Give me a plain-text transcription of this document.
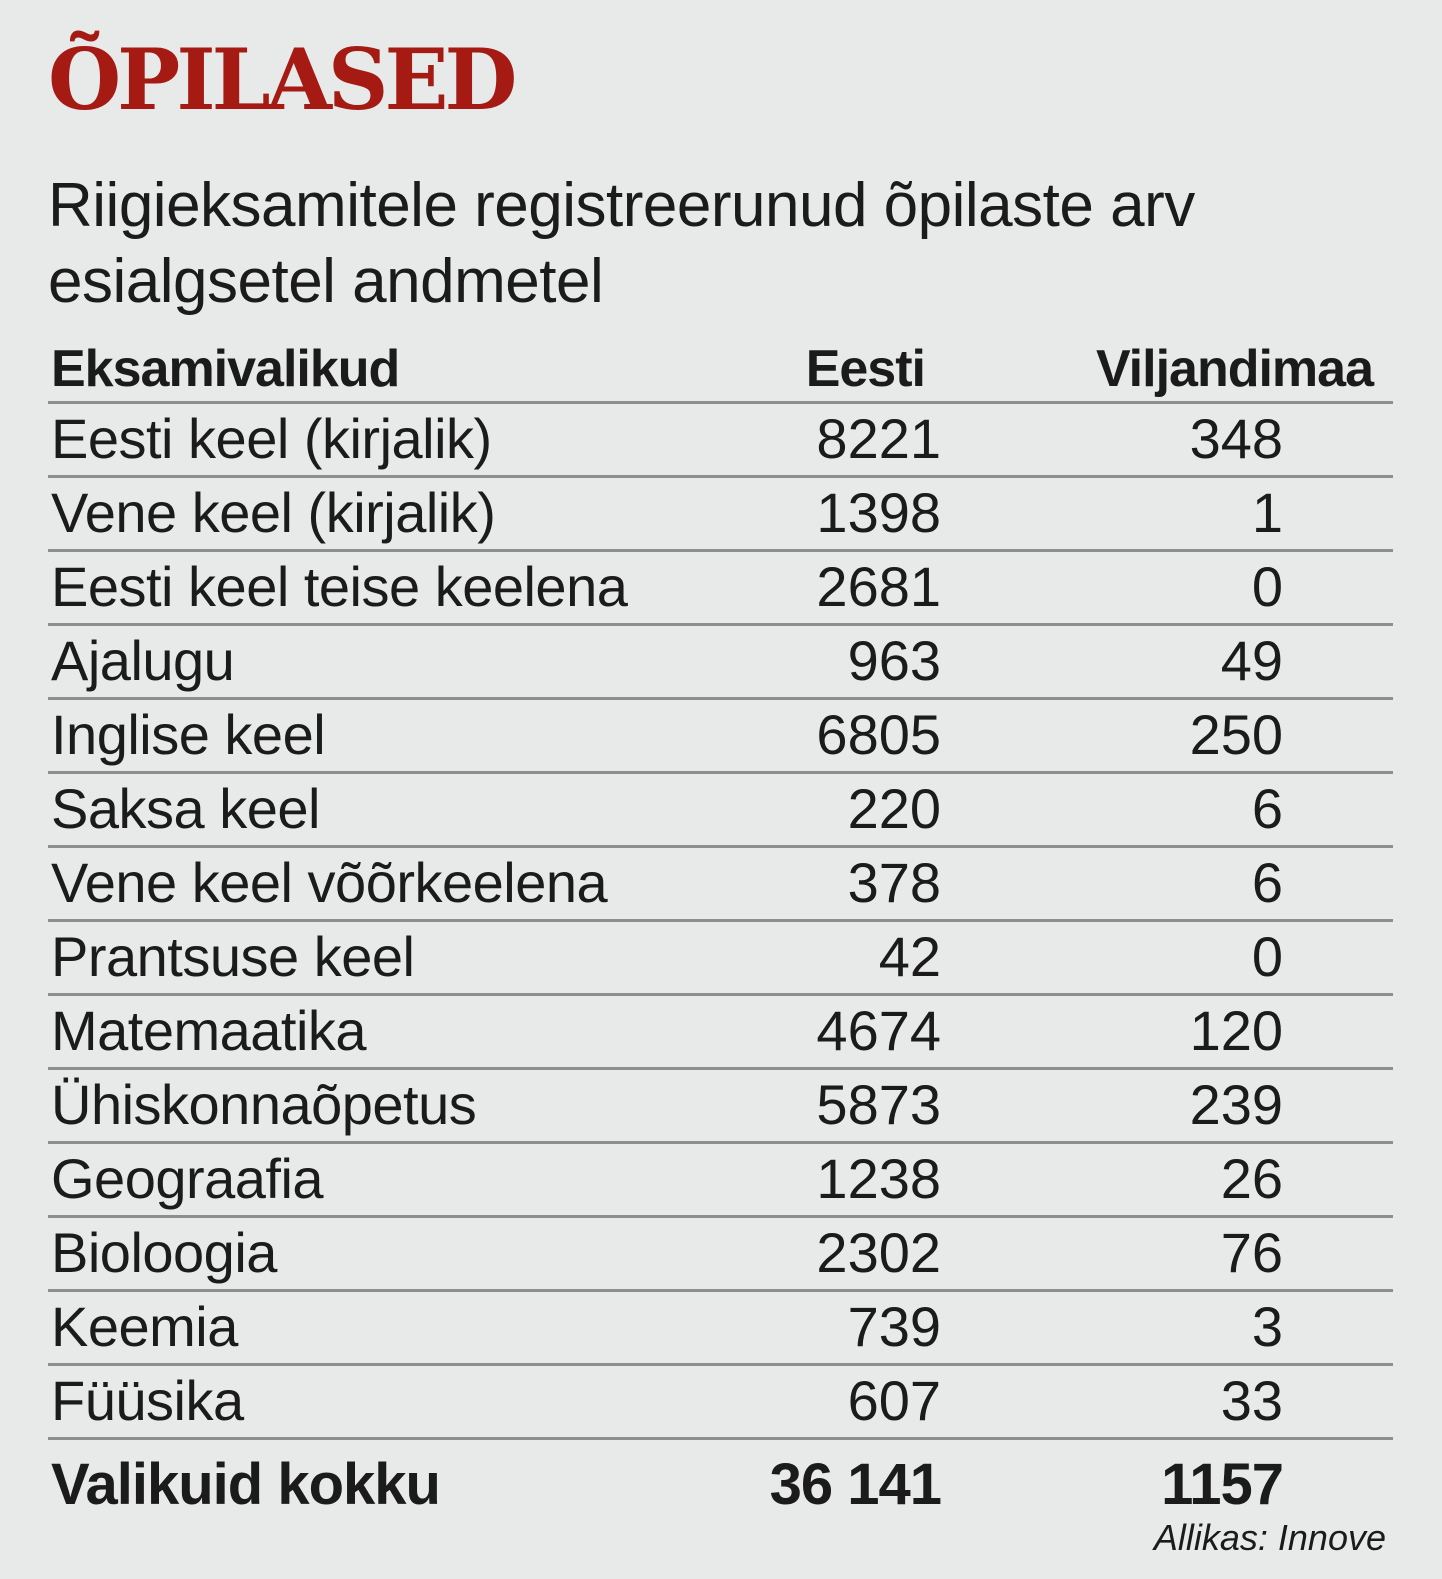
ÕPILASED

Riigieksamitele registreerunud õpilaste arv esialgsetel andmetel

Eksamivalikud	Eesti	Viljandimaa
Eesti keel (kirjalik)	8221	348
Vene keel (kirjalik)	1398	1
Eesti keel teise keelena	2681	0
Ajalugu	963	49
Inglise keel	6805	250
Saksa keel	220	6
Vene keel võõrkeelena	378	6
Prantsuse keel	42	0
Matemaatika	4674	120
Ühiskonnaõpetus	5873	239
Geograafia	1238	26
Bioloogia	2302	76
Keemia	739	3
Füüsika	607	33
Valikuid kokku	36 141	1157

Allikas: Innove
